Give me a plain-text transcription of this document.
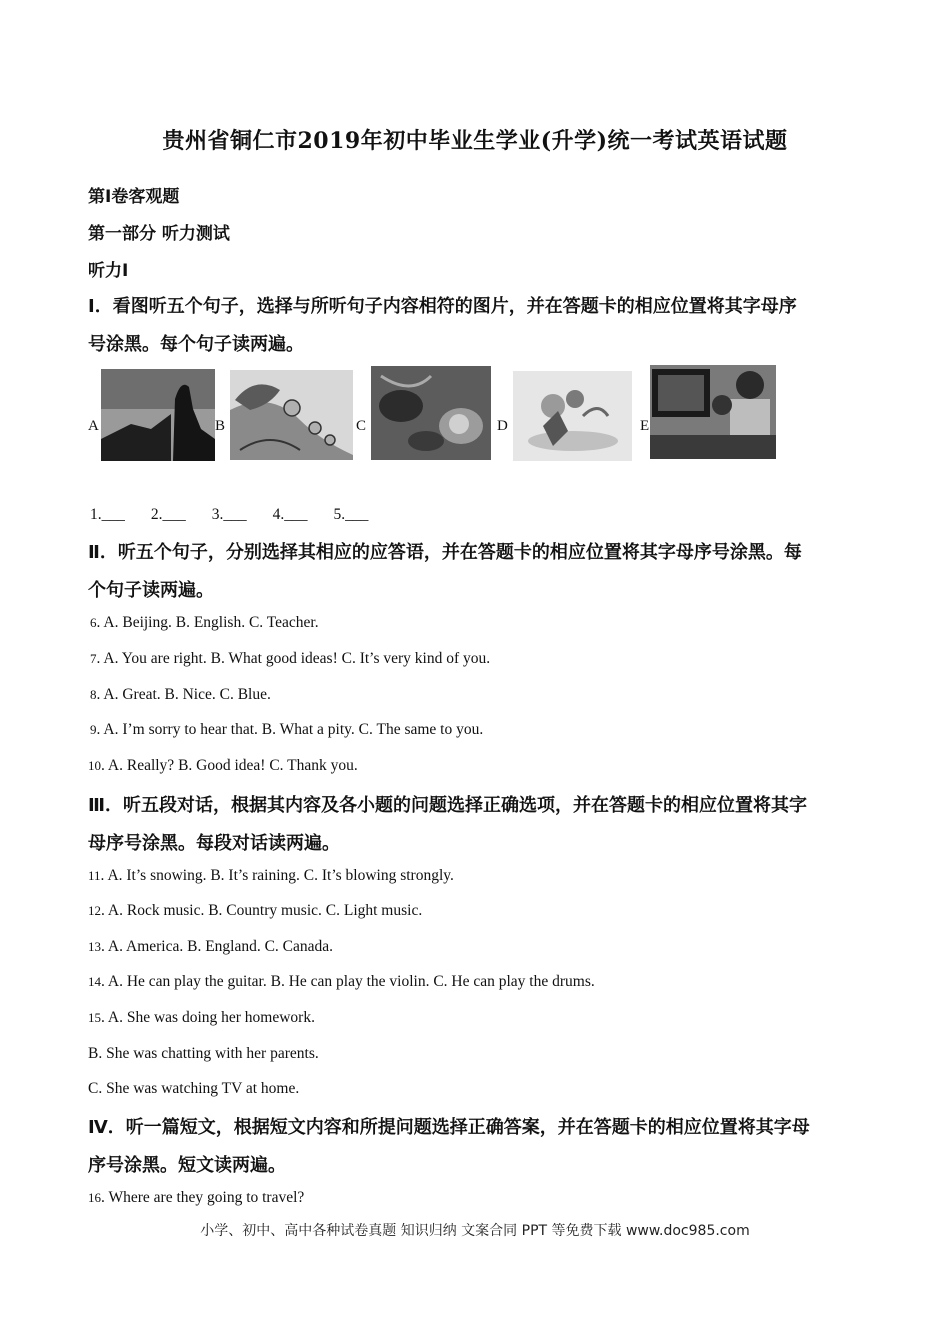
贵州省铜仁市2019年初中毕业生学业(升学)统一考试英语试题
第Ⅰ卷客观题
第一部分 听力测试
听力Ⅰ
Ⅰ．看图听五个句子，选择与所听句子内容相符的图片，并在答题卡的相应位置将其字母序
号涂黑。每个句子读两遍。
A	B	C	D	E
1.___ 2.___ 3.___ 4.___ 5.___
Ⅱ．听五个句子，分别选择其相应的应答语，并在答题卡的相应位置将其字母序号涂黑。每
个句子读两遍。
6. A. Beijing. B. English. C. Teacher.
7. A. You are right. B. What good ideas! C. It’s very kind of you.
8. A. Great. B. Nice. C. Blue.
9. A. I’m sorry to hear that. B. What a pity. C. The same to you.
10. A. Really? B. Good idea! C. Thank you.
Ⅲ．听五段对话，根据其内容及各小题的问题选择正确选项，并在答题卡的相应位置将其字
母序号涂黑。每段对话读两遍。
11. A. It’s snowing. B. It’s raining. C. It’s blowing strongly.
12. A. Rock music. B. Country music. C. Light music.
13. A. America. B. England. C. Canada.
14. A. He can play the guitar. B. He can play the violin. C. He can play the drums.
15. A. She was doing her homework.
B. She was chatting with her parents.
C. She was watching TV at home.
Ⅳ．听一篇短文，根据短文内容和所提问题选择正确答案，并在答题卡的相应位置将其字母
序号涂黑。短文读两遍。
16. Where are they going to travel?
小学、初中、高中各种试卷真题 知识归纳 文案合同 PPT 等免费下载 www.doc985.com
